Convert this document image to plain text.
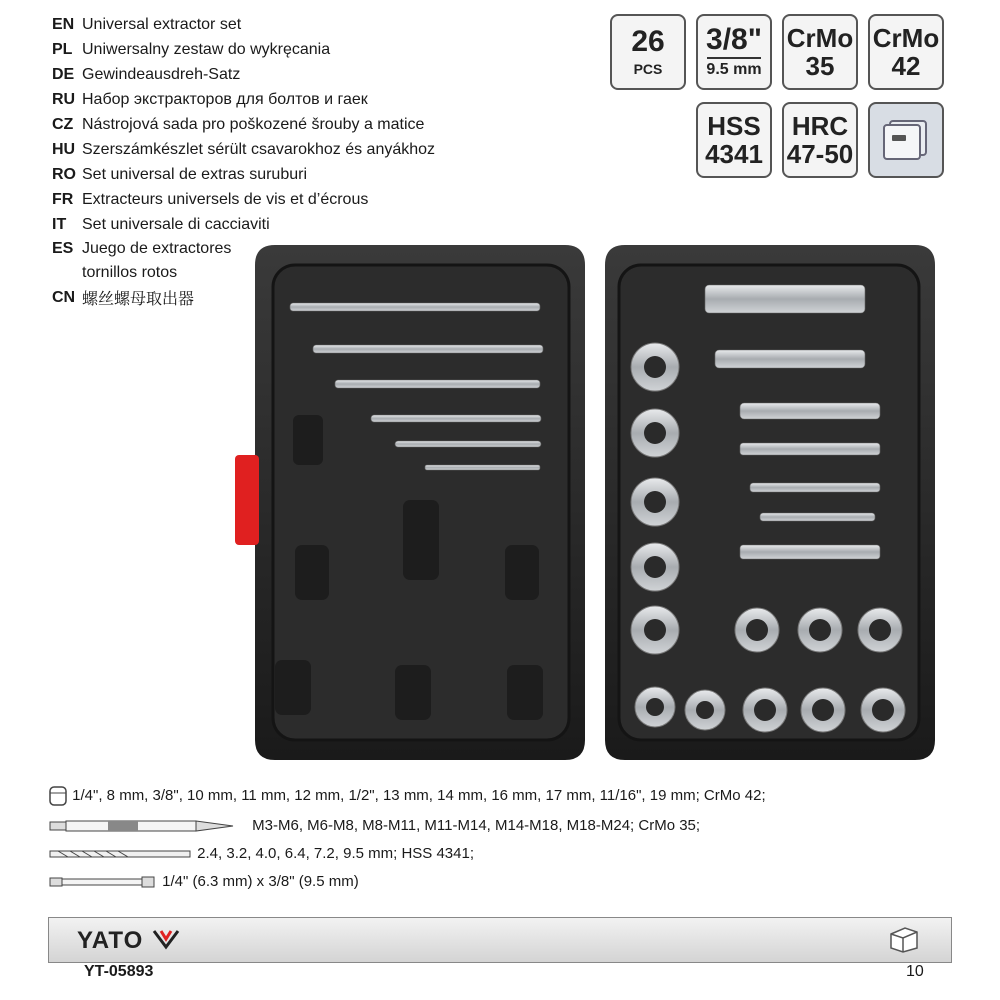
EN Universal extractor set
PL Uniwersalny zestaw do wykręcania
DE Gewindeausdreh-Satz
RU Набор экстракторов для болтов и гаек
CZ Nástrojová sada pro poškozené šrouby a matice
HU Szerszámkészlet sérült csavarokhoz és anyákhoz
RO Set universal de extras suruburi
FR Extracteurs universels de vis et d’écrous
IT Set universale di cacciaviti
ES Juego de extractores tornillos rotos
CN 螺丝螺母取出器
26
PCS
3/8"
9.5 mm
CrMo
35
CrMo
42
HSS
4341
HRC
47-50
1/4", 8 mm, 3/8", 10 mm, 11 mm, 12 mm, 1/2", 13 mm, 14 mm, 16 mm, 17 mm, 11/16", 19 mm; CrMo 42;
M3-M6, M6-M8, M8-M11, M11-M14, M14-M18, M18-M24; CrMo 35;
2.4, 3.2, 4.0, 6.4, 7.2, 9.5 mm; HSS 4341;
1/4" (6.3 mm) x 3/8" (9.5 mm)
YATO
YT-05893	10
